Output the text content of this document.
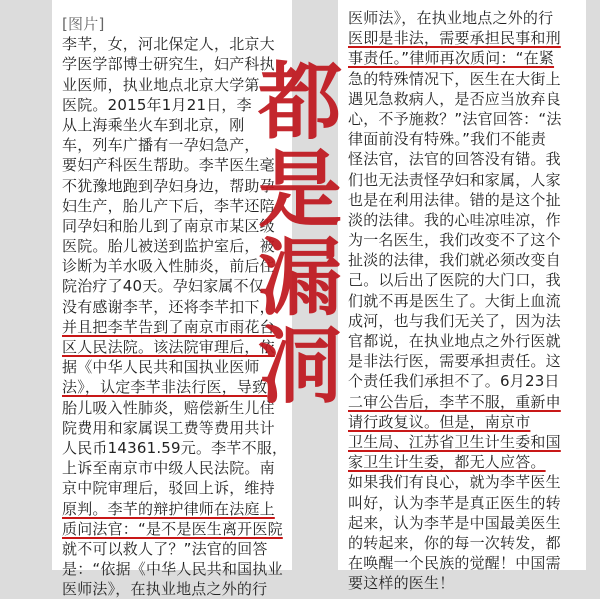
[图片]
李芊，女，河北保定人，北京大
学医学部博士研究生，妇产科执
业医师，执业地点北京大学第
医院。2015年1月21日，李
从上海乘坐火车到北京，刚
车，列车广播有一孕妇急产，
要妇产科医生帮助。李芊医生毫
不犹豫地跑到孕妇身边，帮助孕
妇生产，胎儿产下后，李芊还陪
同孕妇和胎儿到了南京市某区级
医院。胎儿被送到监护室后，被
诊断为羊水吸入性肺炎，前后住
院治疗了40天。孕妇家属不仅
没有感谢李芊，还将李芊扣下，
并且把李芊告到了南京市雨花台
区人民法院。该法院审理后，依
据《中华人民共和国执业医师
法》，认定李芊非法行医，导致
胎儿吸入性肺炎，赔偿新生儿住
院费用和家属误工费等费用共计
人民币14361.59元。李芊不服，
上诉至南京市中级人民法院。南
京中院审理后，驳回上诉，维持
原判。李芊的辩护律师在法庭上
质问法官：“是不是医生离开医院
就不可以救人了？”法官的回答
是：“依据《中华人民共和国执业
医师法》，在执业地点之外的行
医师法》，在执业地点之外的行
医即是非法，需要承担民事和刑
事责任。”律师再次质问：“在紧
急的特殊情况下，医生在大街上
遇见急救病人，是否应当放弃良
心，不予施救？”法官回答：“法
律面前没有特殊。”我们不能责
怪法官，法官的回答没有错。我
们也无法责怪孕妇和家属，人家
也是在利用法律。错的是这个扯
淡的法律。我的心哇凉哇凉，作
为一名医生，我们改变不了这个
扯淡的法律，我们就必须改变自
己。以后出了医院的大门口，我
们就不再是医生了。大街上血流
成河，也与我们无关了，因为法
官都说，在执业地点之外行医就
是非法行医，需要承担责任。这
个责任我们承担不了。6月23日
二审公告后，李芊不服，重新申
请行政复议。但是，南京市
卫生局、江苏省卫生计生委和国
家卫生计生委，都无人应答。
如果我们有良心，就为李芊医生
叫好，认为李芊是真正医生的转
起来，认为李芊是中国最美医生
的转起来，你的每一次转发，都
在唤醒一个民族的觉醒！中国需
要这样的医生！
都
是
漏
洞
